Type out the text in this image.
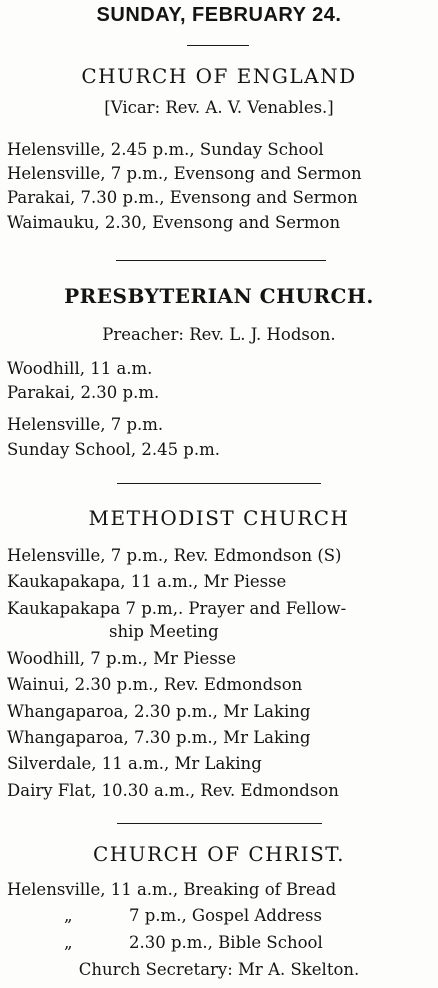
SUNDAY, FEBRUARY 24.
CHURCH OF ENGLAND
[Vicar: Rev. A. V. Venables.]
Helensville, 2.45 p.m., Sunday School
Helensville, 7 p.m., Evensong and Sermon
Parakai, 7.30 p.m., Evensong and Sermon
Waimauku, 2.30, Evensong and Sermon
PRESBYTERIAN CHURCH.
Preacher: Rev. L. J. Hodson.
Woodhill, 11 a.m.
Parakai, 2.30 p.m.
Helensville, 7 p.m.
Sunday School, 2.45 p.m.
METHODIST CHURCH
Helensville, 7 p.m., Rev. Edmondson (S)
Kaukapakapa, 11 a.m., Mr Piesse
Kaukapakapa 7 p.m,. Prayer and Fellow-
ship Meeting
Woodhill, 7 p.m., Mr Piesse
Wainui, 2.30 p.m., Rev. Edmondson
Whangaparoa, 2.30 p.m., Mr Laking
Whangaparoa, 7.30 p.m., Mr Laking
Silverdale, 11 a.m., Mr Laking
Dairy Flat, 10.30 a.m., Rev. Edmondson
CHURCH OF CHRIST.
Helensville, 11 a.m., Breaking of Bread
„	7 p.m., Gospel Address
„	2.30 p.m., Bible School
Church Secretary: Mr A. Skelton.
